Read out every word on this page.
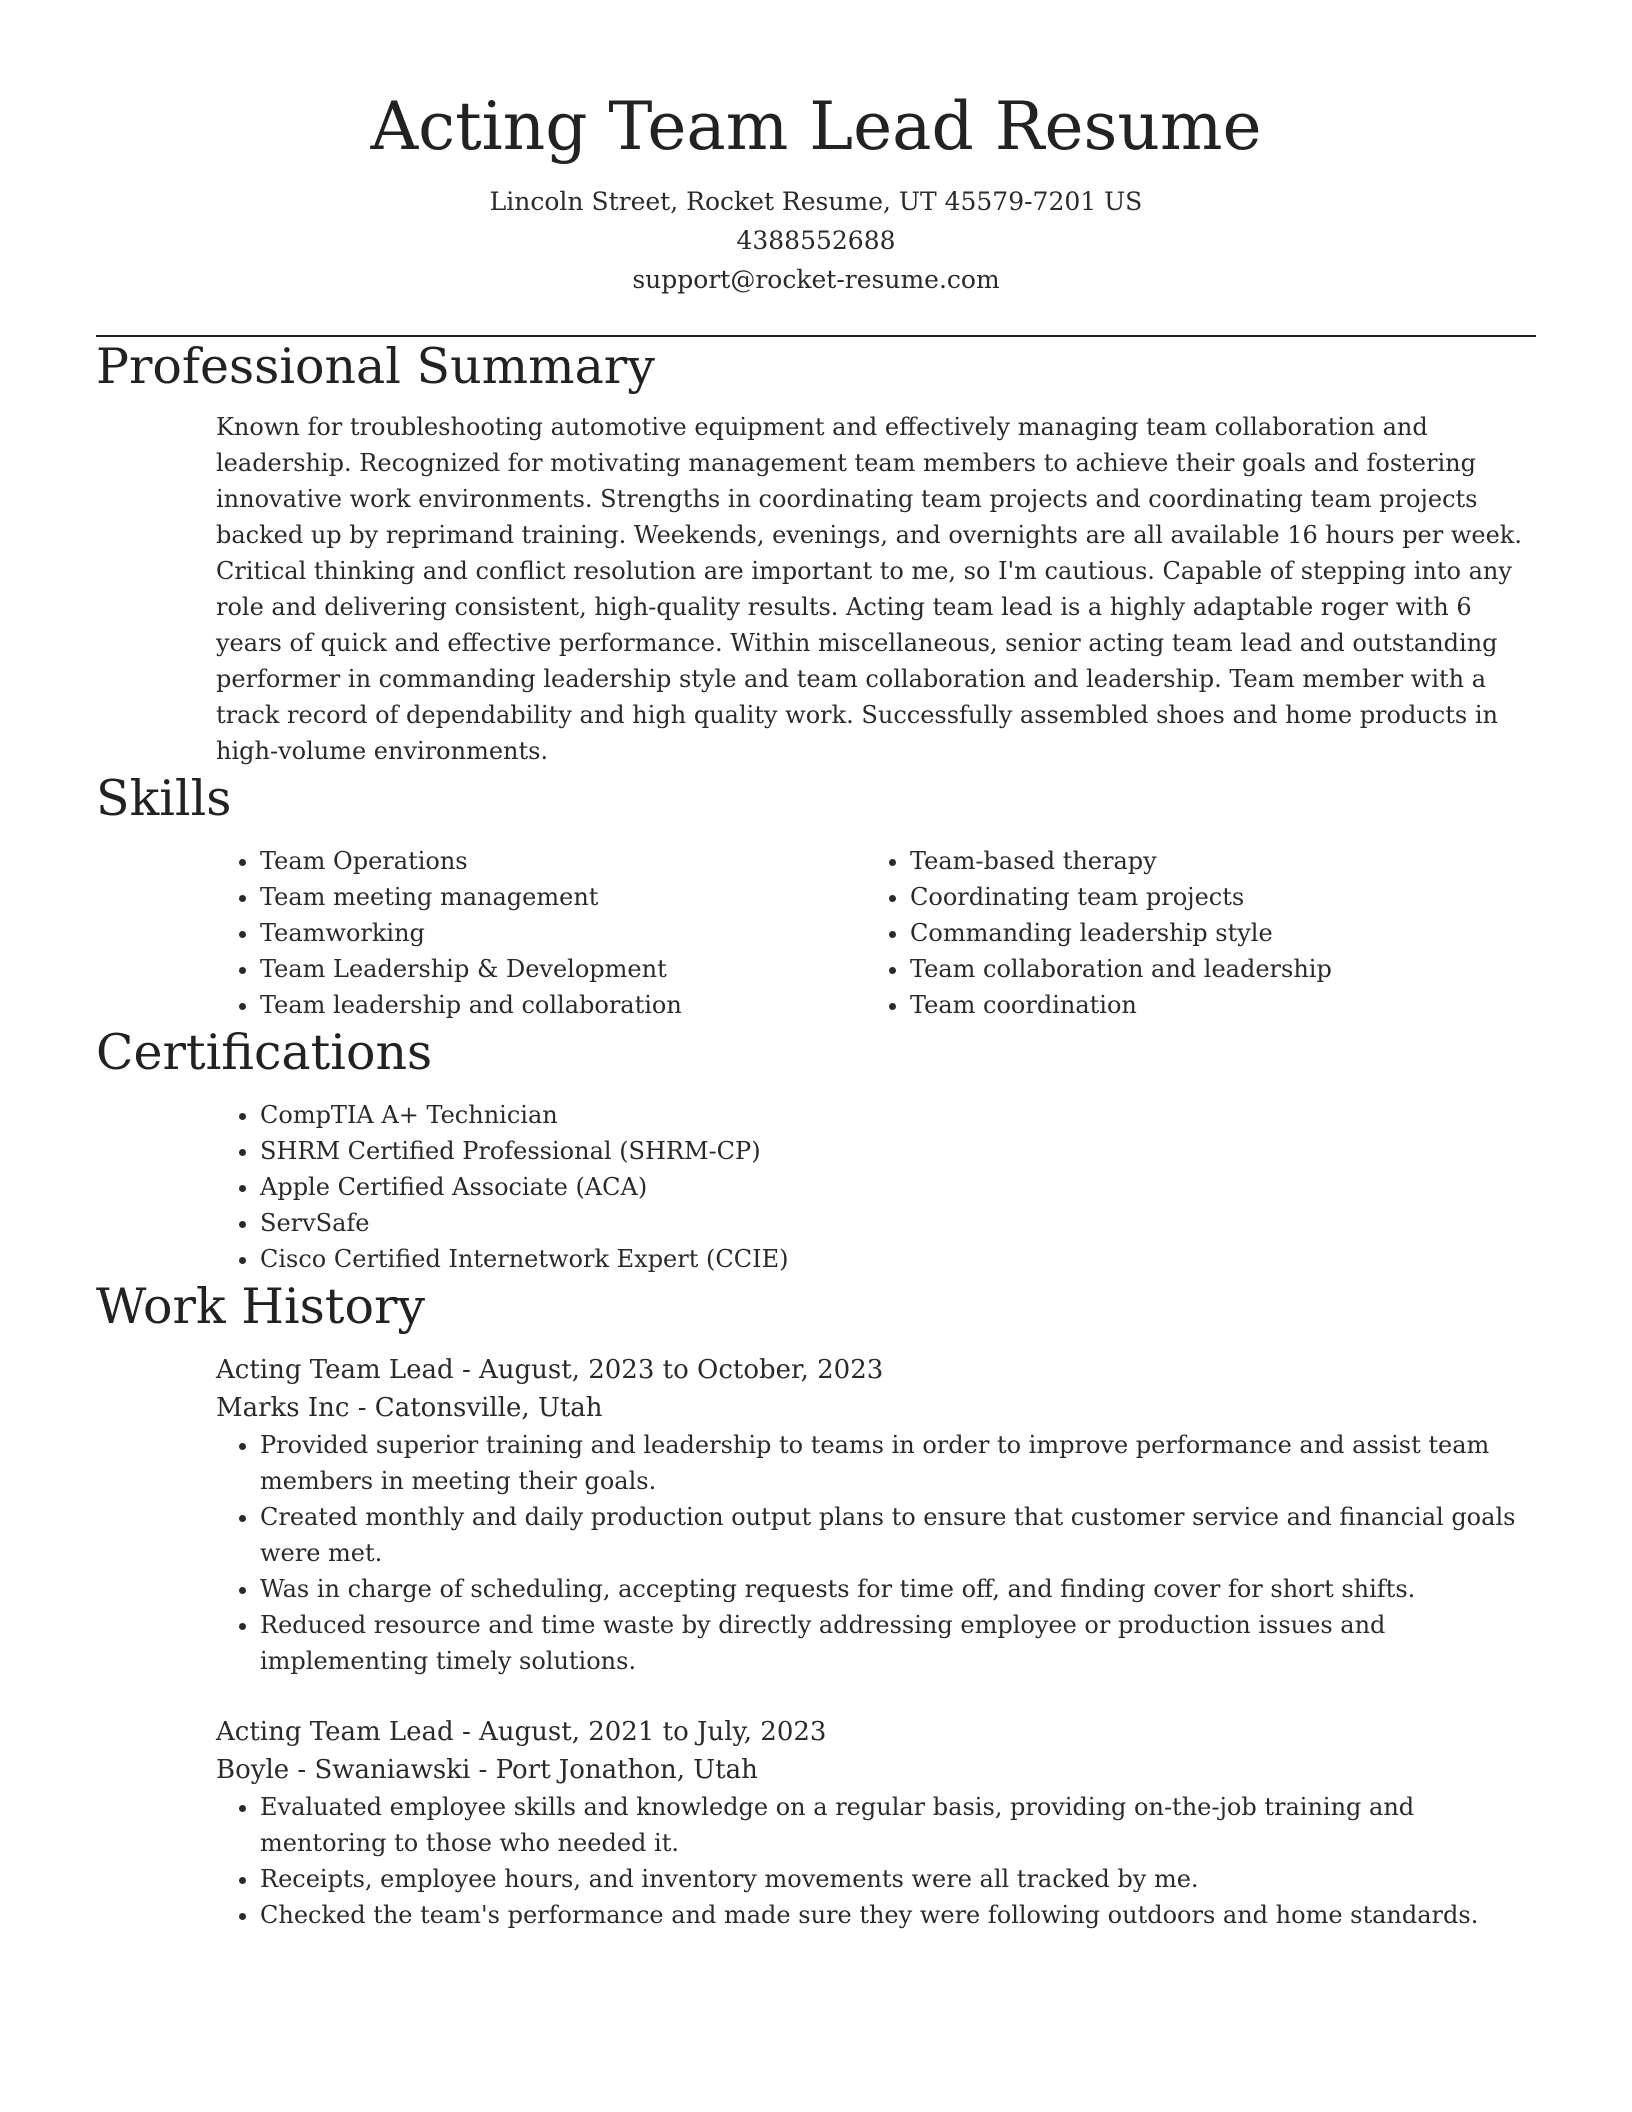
Acting Team Lead Resume
Lincoln Street, Rocket Resume, UT 45579-7201 US
4388552688
support@rocket-resume.com
Professional Summary

Known for troubleshooting automotive equipment and effectively managing team collaboration and leadership. Recognized for motivating management team members to achieve their goals and fostering innovative work environments. Strengths in coordinating team projects and coordinating team projects backed up by reprimand training. Weekends, evenings, and overnights are all available 16 hours per week. Critical thinking and conflict resolution are important to me, so I'm cautious. Capable of stepping into any role and delivering consistent, high-quality results. Acting team lead is a highly adaptable roger with 6 years of quick and effective performance. Within miscellaneous, senior acting team lead and outstanding performer in commanding leadership style and team collaboration and leadership. Team member with a track record of dependability and high quality work. Successfully assembled shoes and home products in high-volume environments.

Skills
• Team Operations
• Team meeting management
• Teamworking
• Team Leadership & Development
• Team leadership and collaboration
• Team-based therapy
• Coordinating team projects
• Commanding leadership style
• Team collaboration and leadership
• Team coordination
Certifications
• CompTIA A+ Technician
• SHRM Certified Professional (SHRM-CP)
• Apple Certified Associate (ACA)
• ServSafe
• Cisco Certified Internetwork Expert (CCIE)
Work History
Acting Team Lead - August, 2023 to October, 2023
Marks Inc - Catonsville, Utah
• Provided superior training and leadership to teams in order to improve performance and assist team members in meeting their goals.
• Created monthly and daily production output plans to ensure that customer service and financial goals were met.
• Was in charge of scheduling, accepting requests for time off, and finding cover for short shifts.
• Reduced resource and time waste by directly addressing employee or production issues and implementing timely solutions.
Acting Team Lead - August, 2021 to July, 2023
Boyle - Swaniawski - Port Jonathon, Utah
• Evaluated employee skills and knowledge on a regular basis, providing on-the-job training and mentoring to those who needed it.
• Receipts, employee hours, and inventory movements were all tracked by me.
• Checked the team's performance and made sure they were following outdoors and home standards.
